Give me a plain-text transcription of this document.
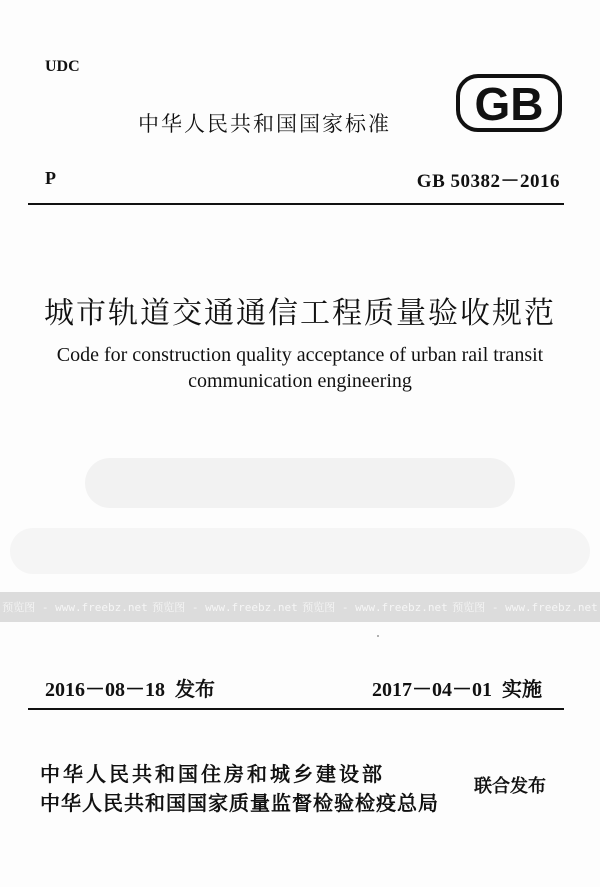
UDC
中华人民共和国国家标准 GB
P	GB 50382－2016
城市轨道交通通信工程质量验收规范
Code for construction quality acceptance of urban rail transit
communication engineering
预览图 - www.freebz.net 预览图 - www.freebz.net 预览图 - www.freebz.net 预览图 - www.freebz.net
2016－08－18 发布	2017－04－01 实施
中华人民共和国住房和城乡建设部
中华人民共和国国家质量监督检验检疫总局
联合发布
